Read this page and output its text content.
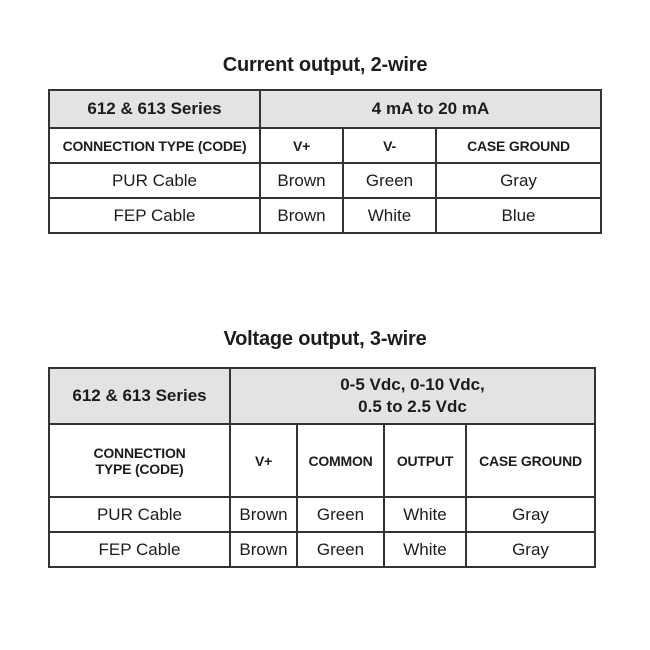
Current output, 2-wire
612 & 613 Series	4 mA to 20 mA		
CONNECTION TYPE (CODE)	V+	V-	CASE GROUND
PUR Cable	Brown	Green	Gray
FEP Cable	Brown	White	Blue
Voltage output, 3-wire
612 & 613 Series	0-5 Vdc, 0-10 Vdc,
0.5 to 2.5 Vdc			

CONNECTION TYPE (CODE)	V+	COMMON	OUTPUT	CASE GROUND
PUR Cable	Brown	Green	White	Gray
FEP Cable	Brown	Green	White	Gray
